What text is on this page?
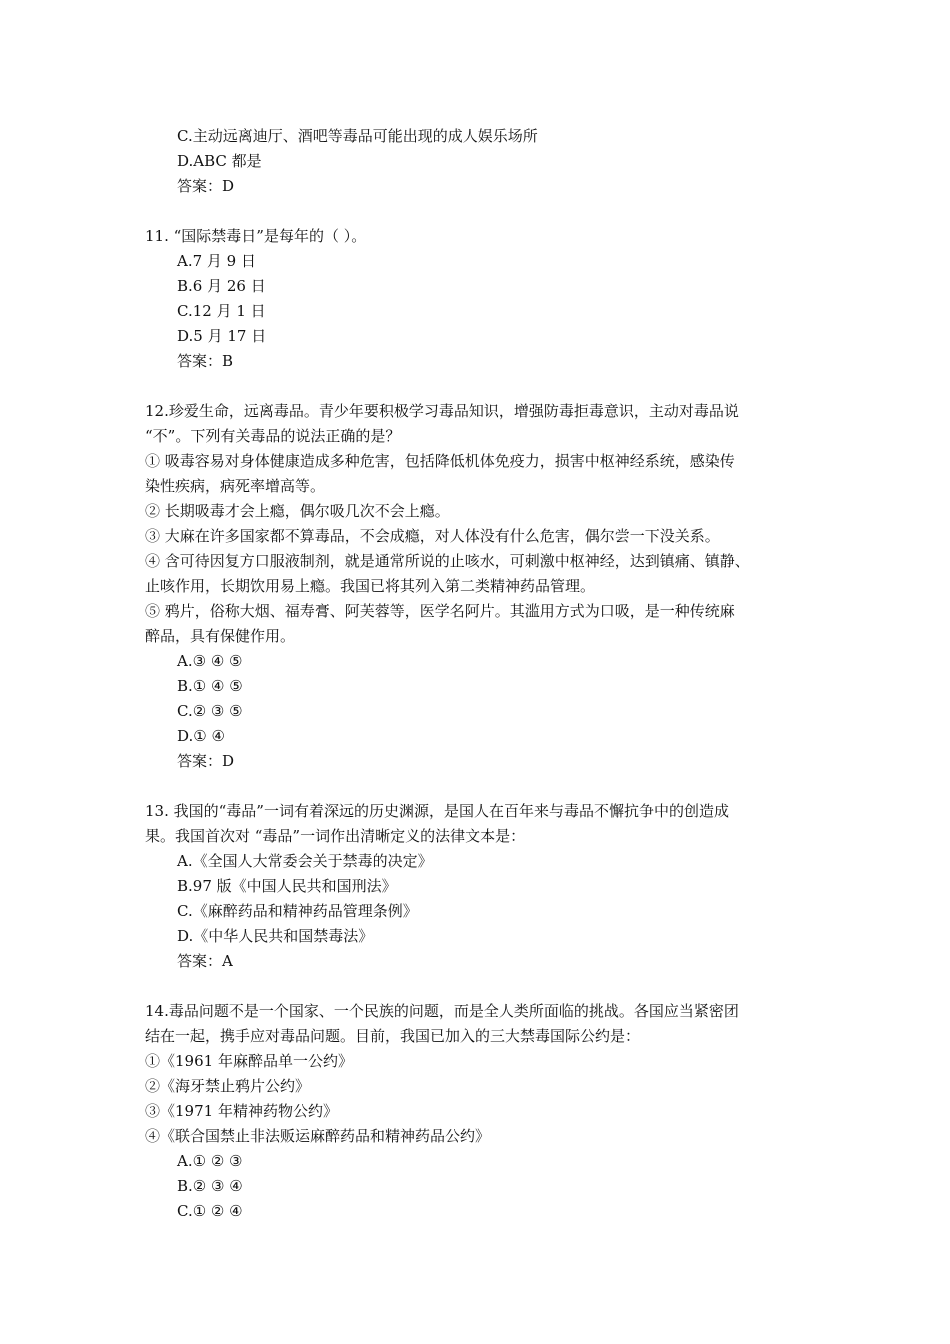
C.主动远离迪厅、酒吧等毒品可能出现的成人娱乐场所
D.ABC 都是
答案：D
11. “国际禁毒日”是每年的（ ）。
A.7 月 9 日
B.6 月 26 日
C.12 月 1 日
D.5 月 17 日
答案：B
12.珍爱生命，远离毒品。青少年要积极学习毒品知识，增强防毒拒毒意识，主动对毒品说
“不”。下列有关毒品的说法正确的是？
① 吸毒容易对身体健康造成多种危害，包括降低机体免疫力，损害中枢神经系统，感染传
染性疾病，病死率增高等。
② 长期吸毒才会上瘾，偶尔吸几次不会上瘾。
③ 大麻在许多国家都不算毒品，不会成瘾，对人体没有什么危害，偶尔尝一下没关系。
④ 含可待因复方口服液制剂，就是通常所说的止咳水，可刺激中枢神经，达到镇痛、镇静、
止咳作用，长期饮用易上瘾。我国已将其列入第二类精神药品管理。
⑤ 鸦片，俗称大烟、福寿膏、阿芙蓉等，医学名阿片。其滥用方式为口吸，是一种传统麻
醉品，具有保健作用。
A.③ ④ ⑤
B.① ④ ⑤
C.② ③ ⑤
D.① ④
答案：D
13. 我国的“毒品”一词有着深远的历史渊源，是国人在百年来与毒品不懈抗争中的创造成
果。我国首次对 “毒品”一词作出清晰定义的法律文本是：
A.《全国人大常委会关于禁毒的决定》
B.97 版《中国人民共和国刑法》
C.《麻醉药品和精神药品管理条例》
D.《中华人民共和国禁毒法》
答案：A
14.毒品问题不是一个国家、一个民族的问题，而是全人类所面临的挑战。各国应当紧密团
结在一起，携手应对毒品问题。目前，我国已加入的三大禁毒国际公约是：
①《1961 年麻醉品单一公约》
②《海牙禁止鸦片公约》
③《1971 年精神药物公约》
④《联合国禁止非法贩运麻醉药品和精神药品公约》
A.① ② ③
B.② ③ ④
C.① ② ④
